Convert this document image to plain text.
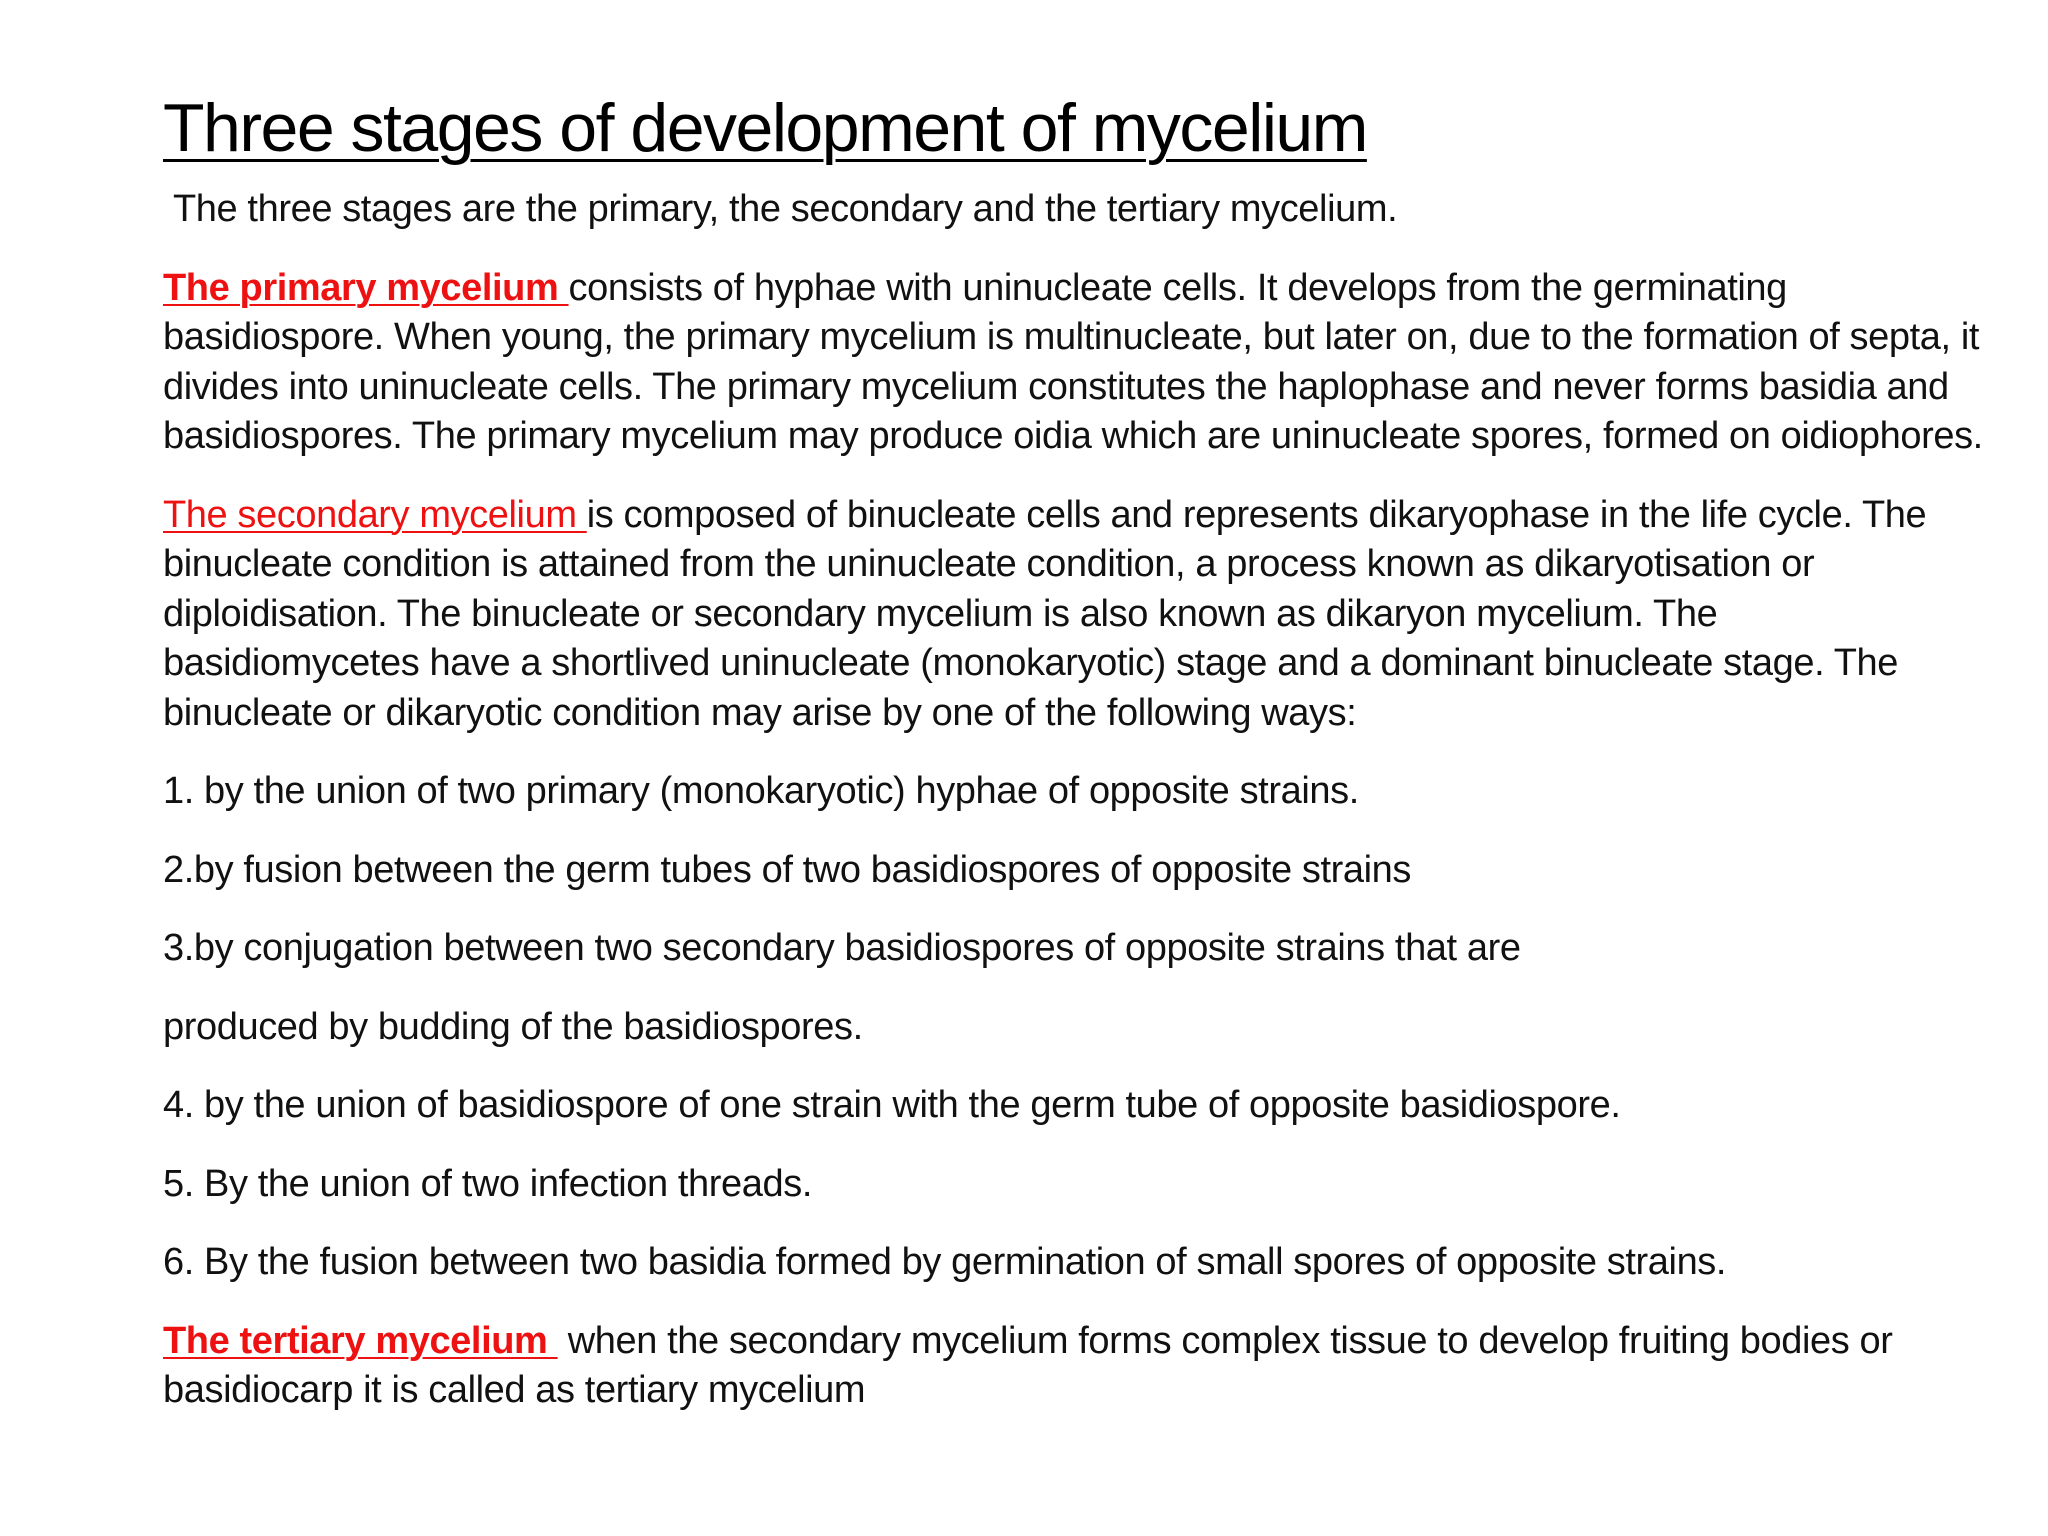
Three stages of development of mycelium

The three stages are the primary, the secondary and the tertiary mycelium.

The primary mycelium consists of hyphae with uninucleate cells. It develops from the germinating basidiospore. When young, the primary mycelium is multinucleate, but later on, due to the formation of septa, it divides into uninucleate cells. The primary mycelium constitutes the haplophase and never forms basidia and basidiospores. The primary mycelium may produce oidia which are uninucleate spores, formed on oidiophores.

The secondary mycelium is composed of binucleate cells and represents dikaryophase in the life cycle. The binucleate condition is attained from the uninucleate condition, a process known as dikaryotisation or diploidisation. The binucleate or secondary mycelium is also known as dikaryon mycelium. The basidiomycetes have a shortlived uninucleate (monokaryotic) stage and a dominant binucleate stage. The binucleate or dikaryotic condition may arise by one of the following ways:

1. by the union of two primary (monokaryotic) hyphae of opposite strains.

2.by fusion between the germ tubes of two basidiospores of opposite strains

3.by conjugation between two secondary basidiospores of opposite strains that are

produced by budding of the basidiospores.

4. by the union of basidiospore of one strain with the germ tube of opposite basidiospore.

5. By the union of two infection threads.

6. By the fusion between two basidia formed by germination of small spores of opposite strains.

The tertiary mycelium  when the secondary mycelium forms complex tissue to develop fruiting bodies or basidiocarp it is called as tertiary mycelium
